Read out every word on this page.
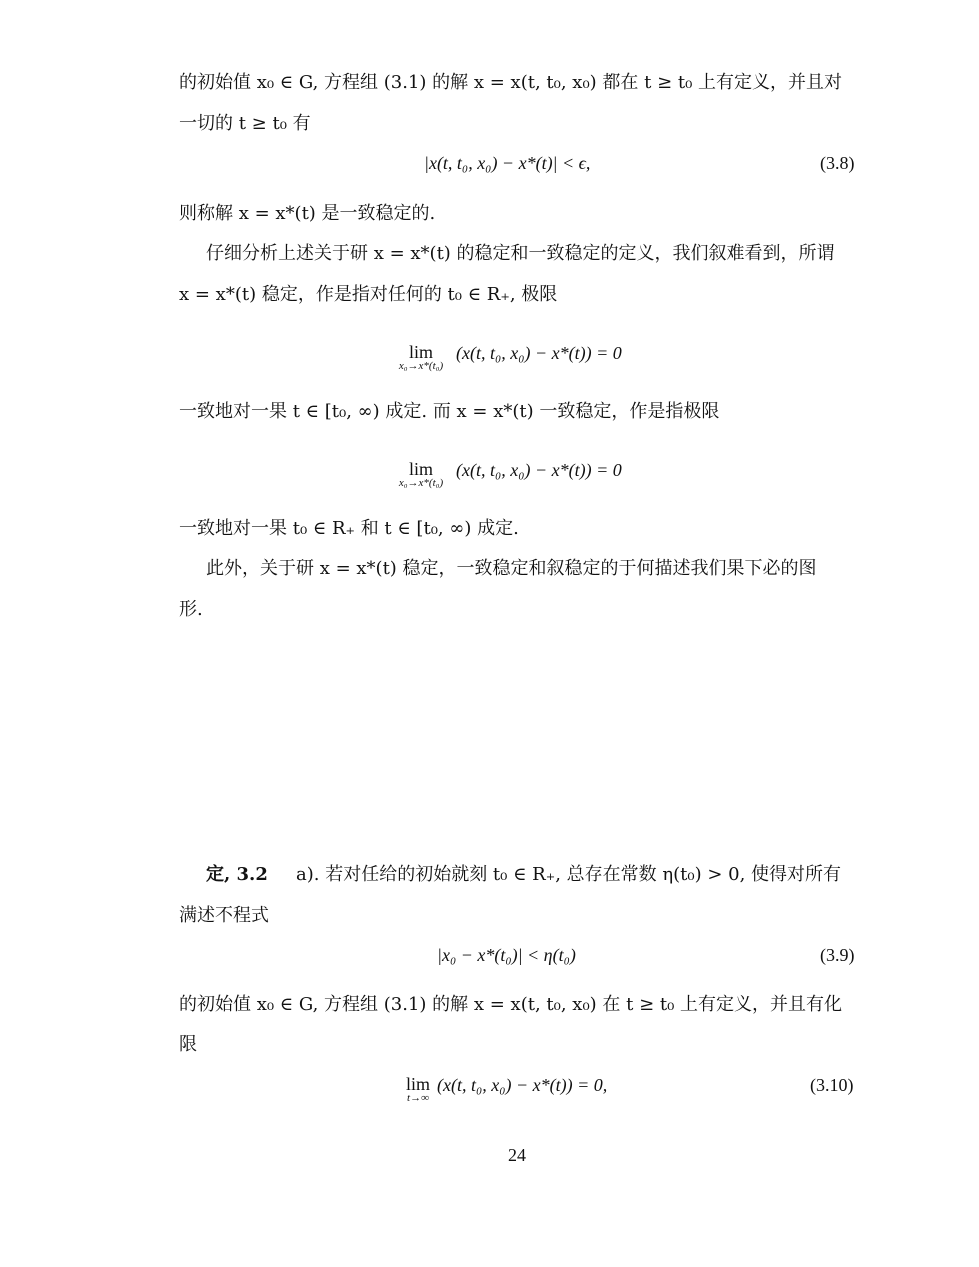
的初始值 x₀ ∈ G, 方程组 (3.1) 的解 x = x(t, t₀, x₀) 都在 t ≥ t₀ 上有定义，并且对
一切的 t ≥ t₀ 有
|x(t, t₀, x₀) − x*(t)| < ϵ,	(3.8)
则称解 x = x*(t) 是一致稳定的.
仔细分析上述关于研 x = x*(t) 的稳定和一致稳定的定义，我们叙难看到，所谓
x = x*(t) 稳定，作是指对任何的 t₀ ∈ R₊, 极限
lim
x₀→x*(t₀)
(x(t, t₀, x₀) − x*(t)) = 0
一致地对一果 t ∈ [t₀, ∞) 成定. 而 x = x*(t) 一致稳定，作是指极限
lim
x₀→x*(t₀)
(x(t, t₀, x₀) − x*(t)) = 0
一致地对一果 t₀ ∈ R₊ 和 t ∈ [t₀, ∞) 成定.
此外，关于研 x = x*(t) 稳定，一致稳定和叙稳定的于何描述我们果下必的图
形.
定, 3.2 a). 若对任给的初始就刻 t₀ ∈ R₊, 总存在常数 η(t₀) > 0, 使得对所有
满述不程式
|x₀ − x*(t₀)| < η(t₀)	(3.9)
的初始值 x₀ ∈ G, 方程组 (3.1) 的解 x = x(t, t₀, x₀) 在 t ≥ t₀ 上有定义，并且有化
限
lim
t→∞
(x(t, t₀, x₀) − x*(t)) = 0,	(3.10)
24
